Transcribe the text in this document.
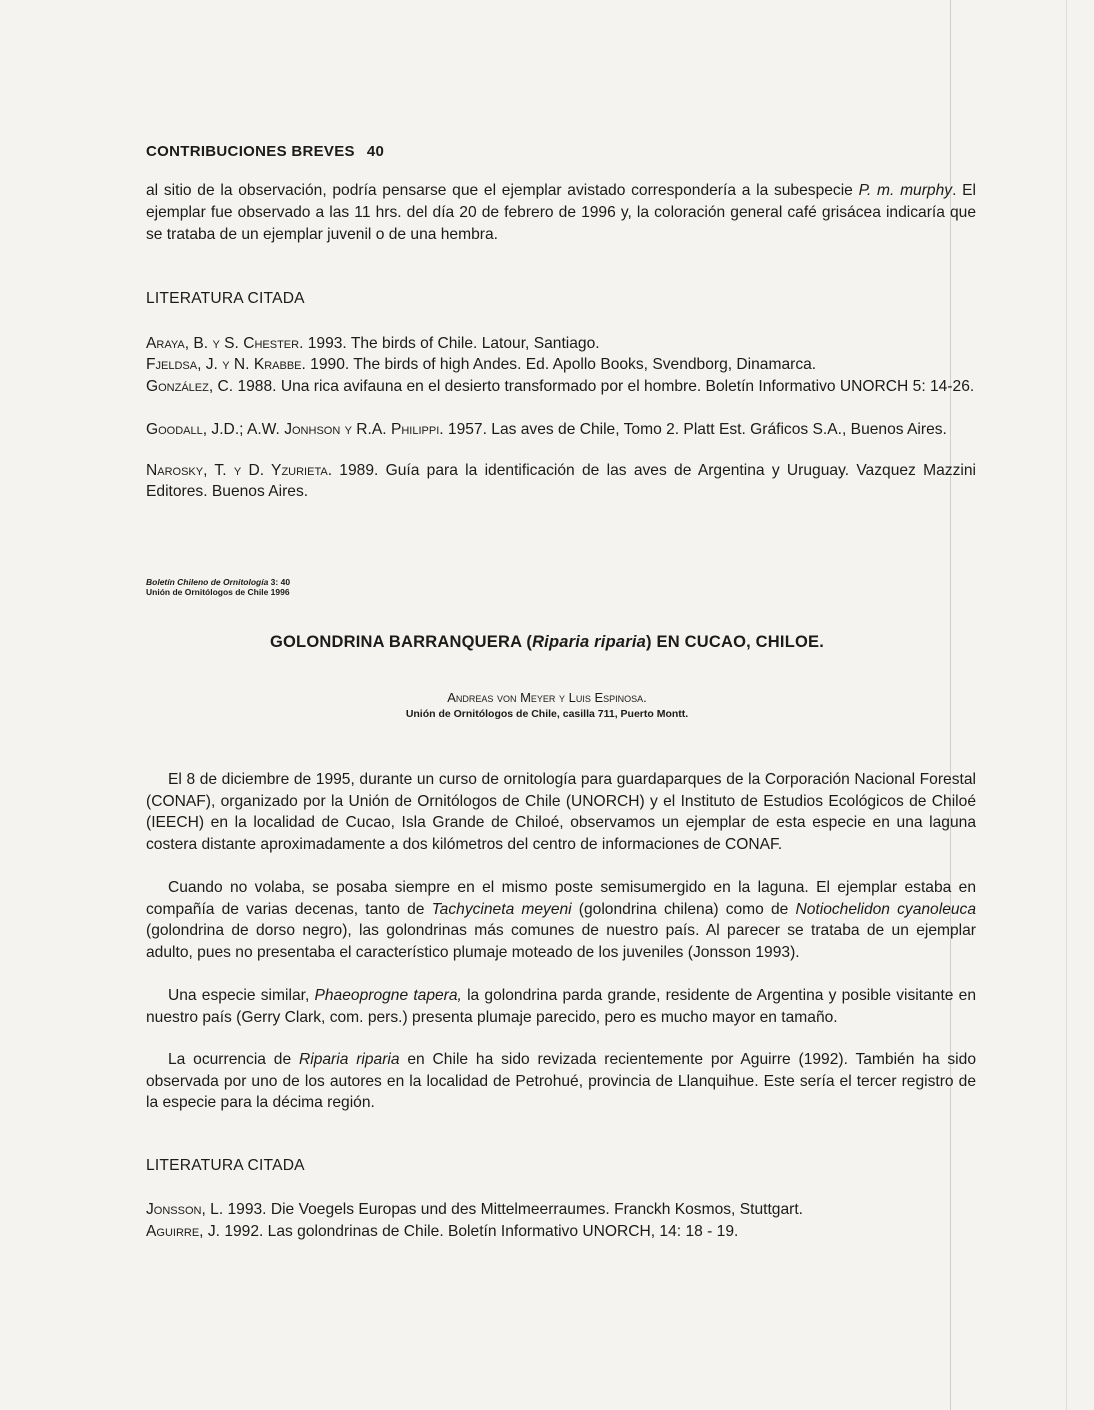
CONTRIBUCIONES BREVES 40

al sitio de la observación, podría pensarse que el ejemplar avistado correspondería a la subespecie P. m. murphy. El ejemplar fue observado a las 11 hrs. del día 20 de febrero de 1996 y, la coloración general café grisácea indicaría que se trataba de un ejemplar juvenil o de una hembra.

LITERATURA CITADA

Araya, B. y S. Chester. 1993. The birds of Chile. Latour, Santiago.

Fjeldsa, J. y N. Krabbe. 1990. The birds of high Andes. Ed. Apollo Books, Svendborg, Dinamarca.

González, C. 1988. Una rica avifauna en el desierto transformado por el hombre. Boletín Informativo UNORCH 5: 14-26.

Goodall, J.D.; A.W. Jonhson y R.A. Philippi. 1957. Las aves de Chile, Tomo 2. Platt Est. Gráficos S.A., Buenos Aires.

Narosky, T. y D. Yzurieta. 1989. Guía para la identificación de las aves de Argentina y Uruguay. Vazquez Mazzini Editores. Buenos Aires.

Boletín Chileno de Ornitología 3: 40
Unión de Ornitólogos de Chile 1996
GOLONDRINA BARRANQUERA (Riparia riparia) EN CUCAO, CHILOE.
Andreas von Meyer y Luis Espinosa.
Unión de Ornitólogos de Chile, casilla 711, Puerto Montt.

El 8 de diciembre de 1995, durante un curso de ornitología para guardaparques de la Corporación Nacional Forestal (CONAF), organizado por la Unión de Ornitólogos de Chile (UNORCH) y el Instituto de Estudios Ecológicos de Chiloé (IEECH) en la localidad de Cucao, Isla Grande de Chiloé, observamos un ejemplar de esta especie en una laguna costera distante aproximadamente a dos kilómetros del centro de informaciones de CONAF.

Cuando no volaba, se posaba siempre en el mismo poste semisumergido en la laguna. El ejemplar estaba en compañía de varias decenas, tanto de Tachycineta meyeni (golondrina chilena) como de Notiochelidon cyanoleuca (golondrina de dorso negro), las golondrinas más comunes de nuestro país. Al parecer se trataba de un ejemplar adulto, pues no presentaba el característico plumaje moteado de los juveniles (Jonsson 1993).

Una especie similar, Phaeoprogne tapera, la golondrina parda grande, residente de Argentina y posible visitante en nuestro país (Gerry Clark, com. pers.) presenta plumaje parecido, pero es mucho mayor en tamaño.

La ocurrencia de Riparia riparia en Chile ha sido revizada recientemente por Aguirre (1992). También ha sido observada por uno de los autores en la localidad de Petrohué, provincia de Llanquihue. Este sería el tercer registro de la especie para la décima región.

LITERATURA CITADA

Jonsson, L. 1993. Die Voegels Europas und des Mittelmeerraumes. Franckh Kosmos, Stuttgart.

Aguirre, J. 1992. Las golondrinas de Chile. Boletín Informativo UNORCH, 14: 18 - 19.
